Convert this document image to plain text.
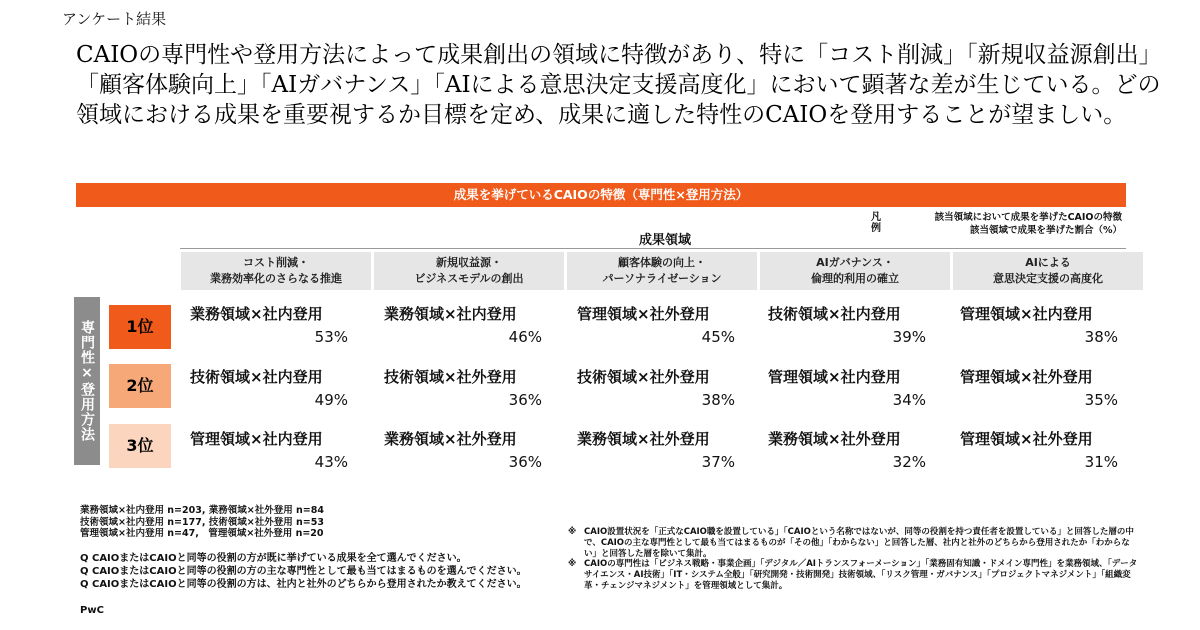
アンケート結果

CAIOの専門性や登用方法によって成果創出の領域に特徴があり、特に「コスト削減」「新規収益源創出」「顧客体験向上」「AIガバナンス」「AIによる意思決定支援高度化」において顕著な差が生じている。どの領域における成果を重要視するか目標を定め、成果に適した特性のCAIOを登用することが望ましい。

成果を挙げているCAIOの特徴（専門性×登用方法）
凡例
該当領域において成果を挙げたCAIOの特徴
該当領域で成果を挙げた割合（%）
成果領域
コスト削減・
業務効率化のさらなる推進
新規収益源・
ビジネスモデルの創出
顧客体験の向上・
パーソナライゼーション
AIガバナンス・
倫理的利用の確立
AIによる
意思決定支援の高度化
専門性×登用方法	1位
業務領域×社内登用
53%
業務領域×社内登用
46%
管理領域×社外登用
45%
技術領域×社内登用
39%
管理領域×社内登用
38%
2位	技術領域×社内登用
49%
技術領域×社外登用
36%
技術領域×社外登用
38%
管理領域×社内登用
34%
管理領域×社外登用
35%
3位	管理領域×社内登用
43%
業務領域×社外登用
36%
業務領域×社外登用
37%
業務領域×社外登用
32%
管理領域×社外登用
31%
業務領域×社内登用 n=203, 業務領域×社外登用 n=84
技術領域×社内登用 n=177, 技術領域×社外登用 n=53
管理領域×社内登用 n=47,　管理領域×社外登用 n=20
Q CAIOまたはCAIOと同等の役割の方が既に挙げている成果を全て選んでください。
Q CAIOまたはCAIOと同等の役割の方の主な専門性として最も当てはまるものを選んでください。
Q CAIOまたはCAIOと同等の役割の方は、社内と社外のどちらから登用されたか教えてください。
※ CAIO設置状況を「正式なCAIO職を設置している」「CAIOという名称ではないが、同等の役割を持つ責任者を設置している」と回答した層の中で、CAIOの主な専門性として最も当てはまるものが「その他」「わからない」と回答した層、社内と社外のどちらから登用されたか「わからない」と回答した層を除いて集計。
※ CAIOの専門性は「ビジネス戦略・事業企画」「デジタル／AIトランスフォーメーション」「業務固有知識・ドメイン専門性」を業務領域、「データサイエンス・AI技術」「IT・システム全般」「研究開発・技術開発」技術領域、「リスク管理・ガバナンス」「プロジェクトマネジメント」「組織変革・チェンジマネジメント」を管理領域として集計。
PwC
